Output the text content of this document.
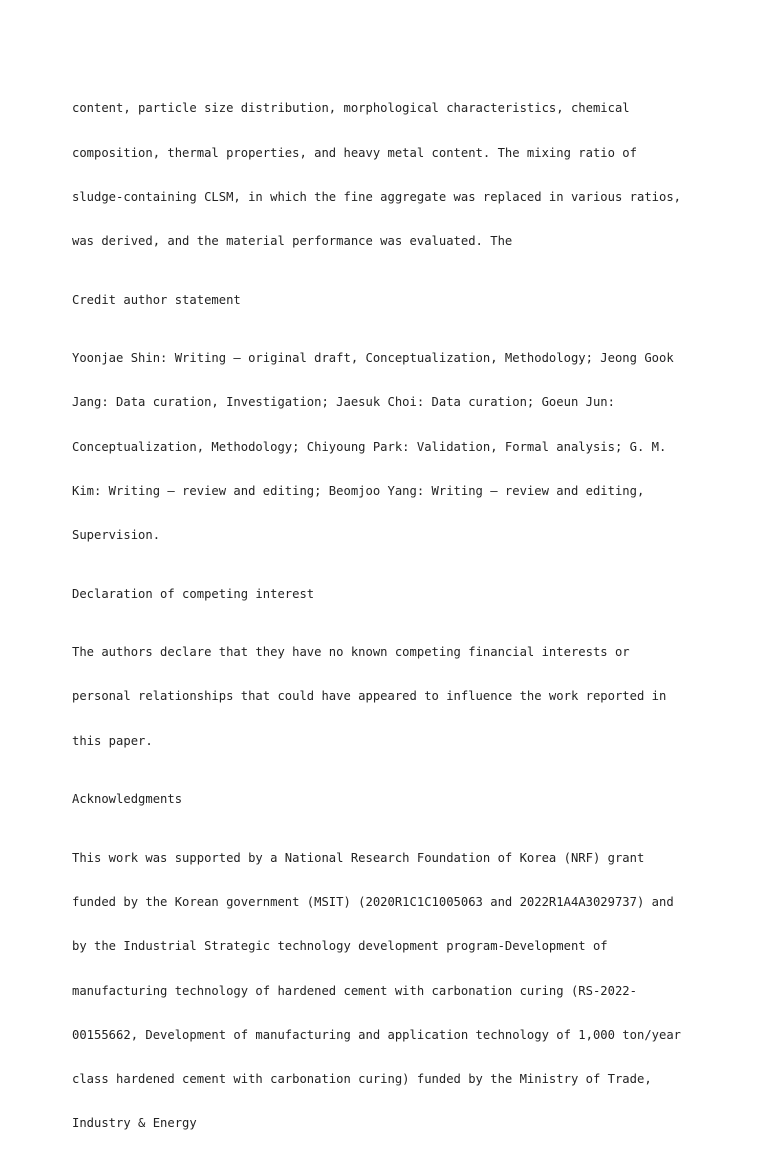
content, particle size distribution, morphological characteristics, chemical

composition, thermal properties, and heavy metal content. The mixing ratio of

sludge-containing CLSM, in which the fine aggregate was replaced in various ratios,

was derived, and the material performance was evaluated. The

Credit author statement

Yoonjae Shin: Writing – original draft, Conceptualization, Methodology; Jeong Gook

Jang: Data curation, Investigation; Jaesuk Choi: Data curation; Goeun Jun:

Conceptualization, Methodology; Chiyoung Park: Validation, Formal analysis; G. M.

Kim: Writing – review and editing; Beomjoo Yang: Writing – review and editing,

Supervision.

Declaration of competing interest

The authors declare that they have no known competing financial interests or

personal relationships that could have appeared to influence the work reported in

this paper.

Acknowledgments

This work was supported by a National Research Foundation of Korea (NRF) grant

funded by the Korean government (MSIT) (2020R1C1C1005063 and 2022R1A4A3029737) and

by the Industrial Strategic technology development program-Development of

manufacturing technology of hardened cement with carbonation curing (RS-2022-

00155662, Development of manufacturing and application technology of 1,000 ton/year

class hardened cement with carbonation curing) funded by the Ministry of Trade,

Industry & Energy
